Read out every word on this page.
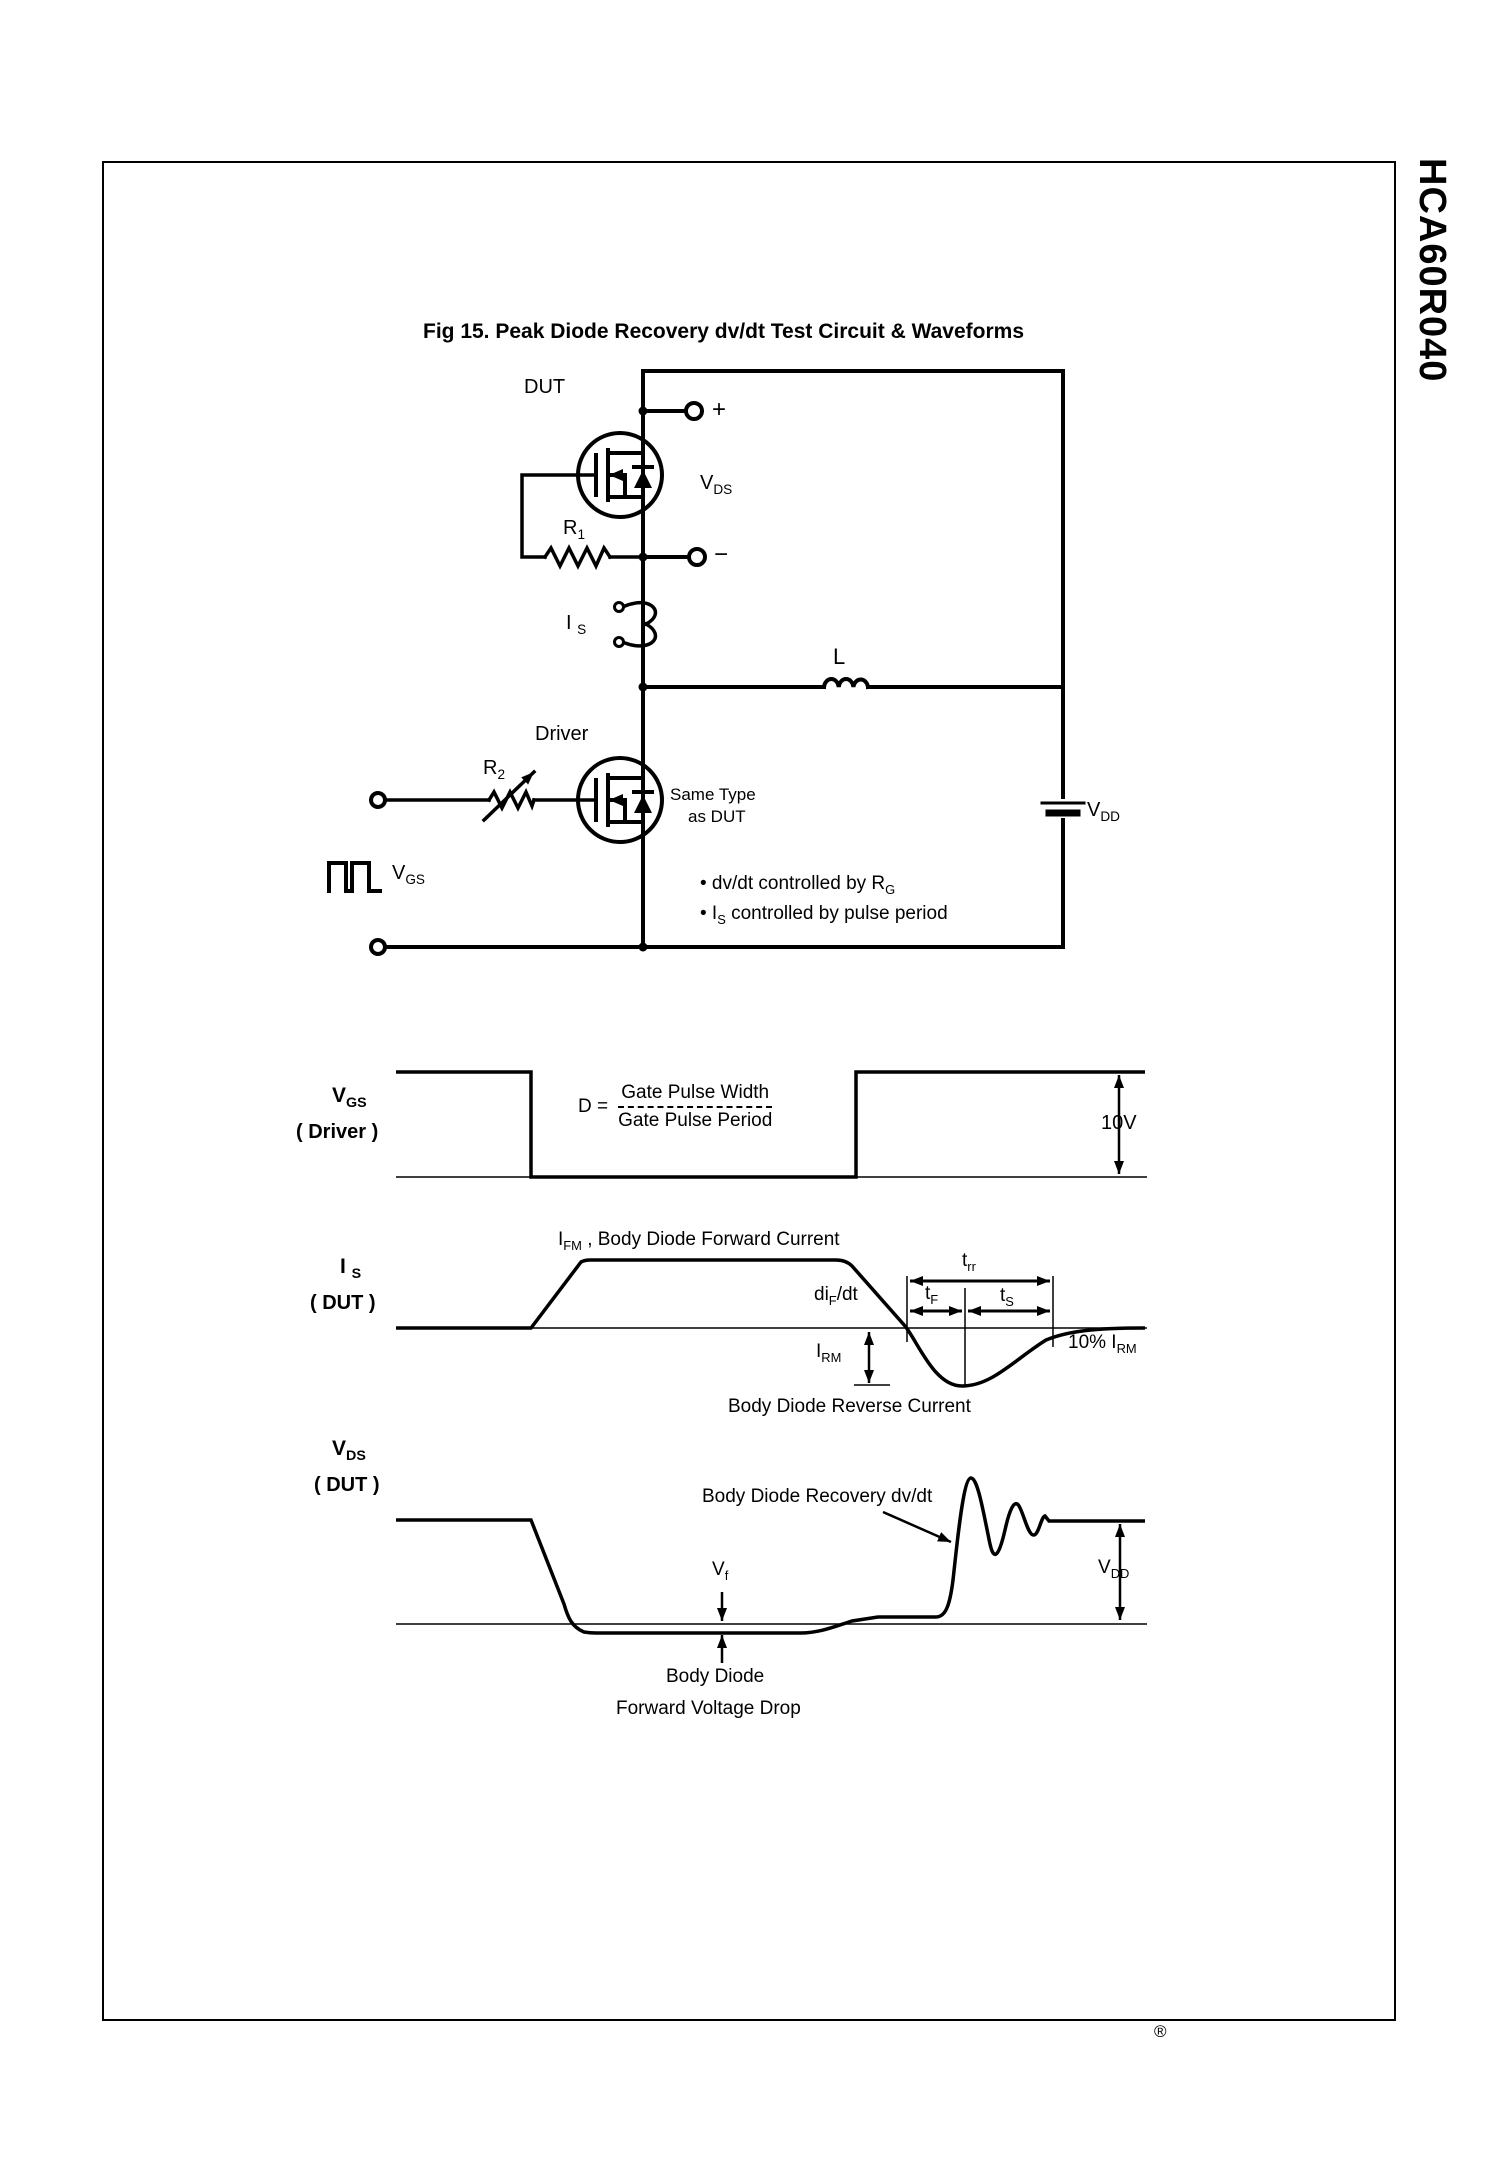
HCA60R040
Fig 15. Peak Diode Recovery dv/dt Test Circuit & Waveforms
DUT
+
$V_{DS}$
−
$R_1$
I $_S$
L
Driver
$R_2$
Same Type
as DUT
$V_{GS}$
$V_{DD}$
• dv/dt controlled by $R_G$
• $I_S$ controlled by pulse period
$V_{GS}$
( Driver )
$D = \frac{\text{Gate Pulse Width}}{\text{Gate Pulse Period}}$	10V
$I_{FM}$ , Body Diode Forward Current
I $_S$
( DUT )	$di_F/dt$
$t_{rr}$
$t_F$	$t_S$
$I_{RM}$
10% $I_{RM}$
Body Diode Reverse Current
$V_{DS}$
( DUT )
Body Diode Recovery dv/dt
$V_f$	$V_{DD}$
Body Diode
Forward Voltage Drop
®
